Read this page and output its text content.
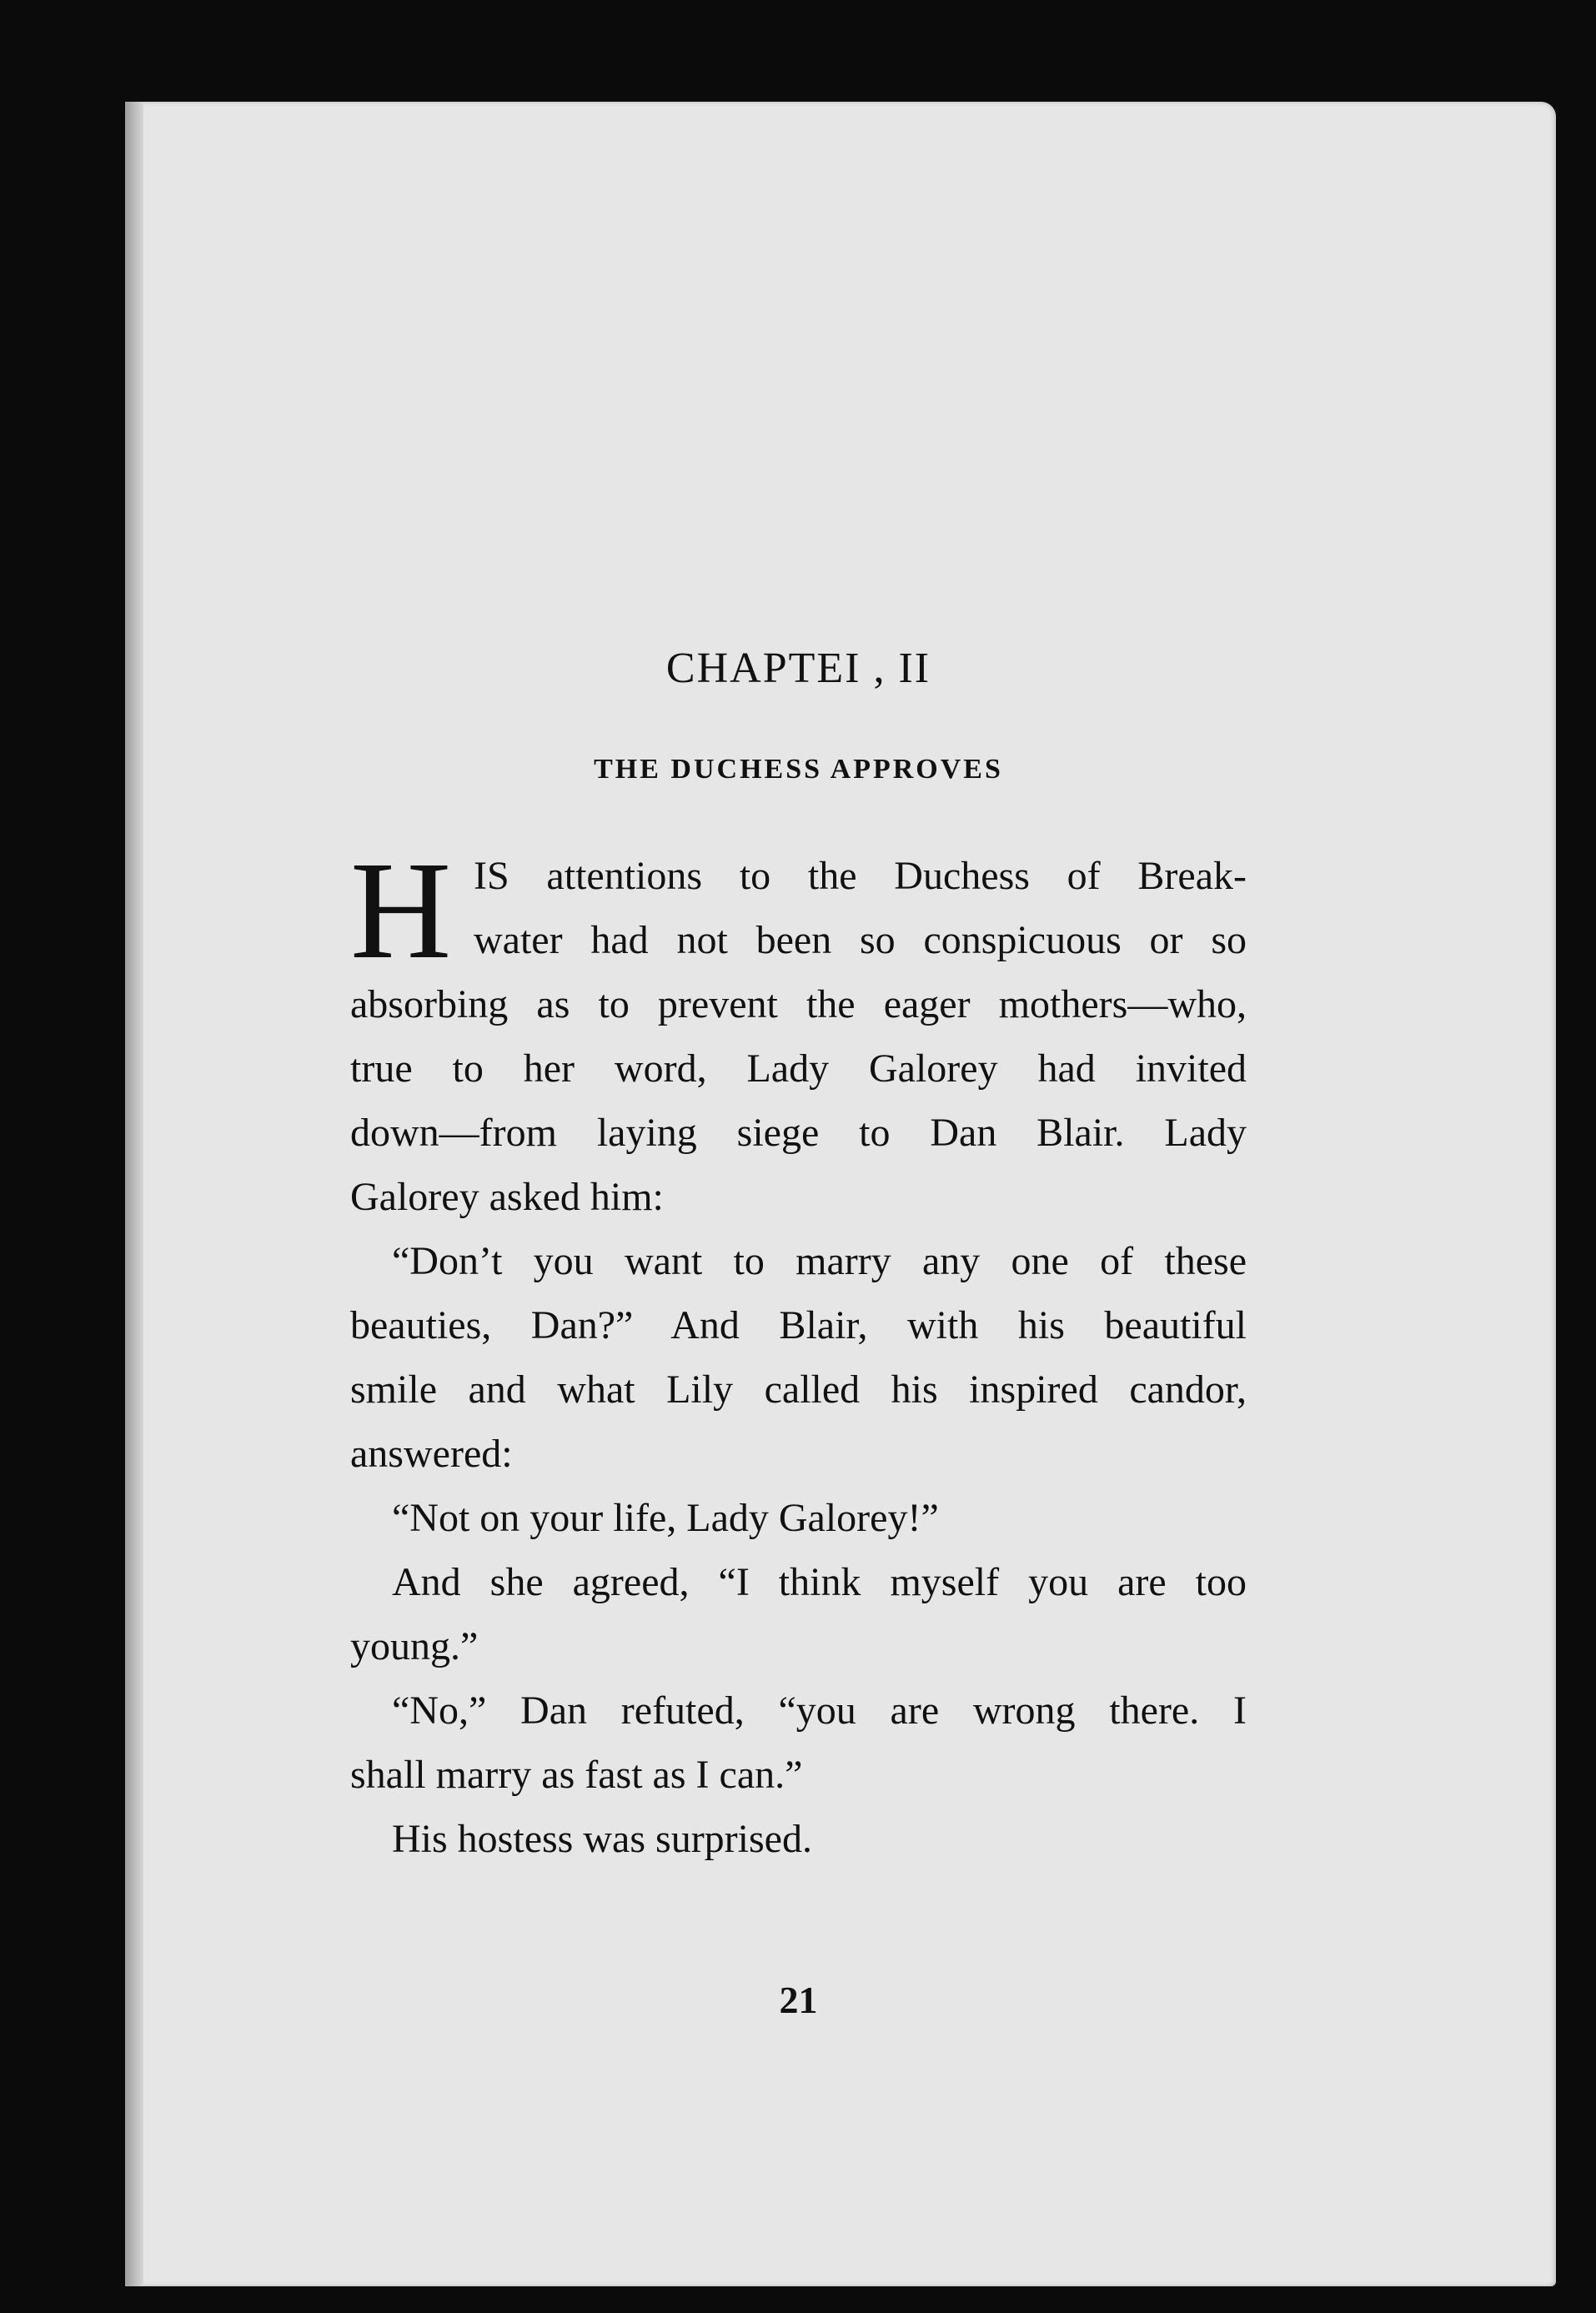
CHAPTEI , II
THE DUCHESS APPROVES
H IS attentions to the Duchess of Break-
water had not been so conspicuous or so
absorbing as to prevent the eager mothers—who,
true to her word, Lady Galorey had invited
down—from laying siege to Dan Blair. Lady
Galorey asked him:
“Don’t you want to marry any one of these
beauties, Dan?” And Blair, with his beautiful
smile and what Lily called his inspired candor,
answered:
“Not on your life, Lady Galorey!”
And she agreed, “I think myself you are too
young.”
“No,” Dan refuted, “you are wrong there. I
shall marry as fast as I can.”
His hostess was surprised.

21
